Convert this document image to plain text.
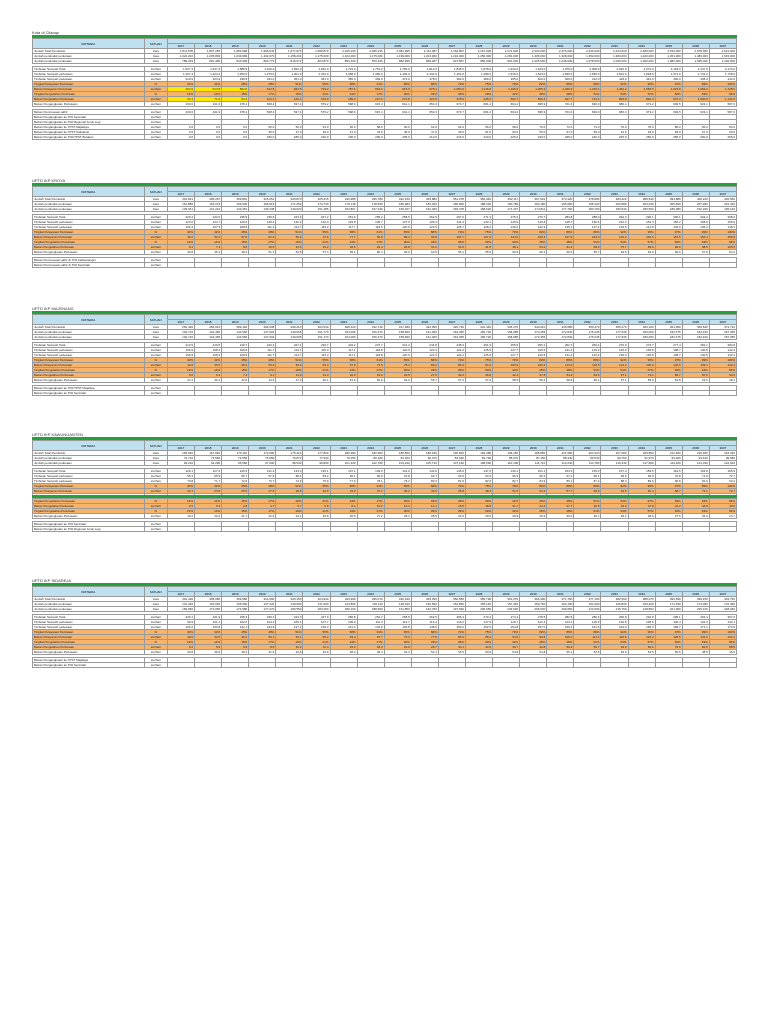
Kota di Cilacap
KRITERIA	SATUAN																					
		2017	2018	2019	2020	2021	2022	2023	2024	2025	2026	2027	2028	2029	2030	2031	2032	2033	2034	2035	2036	2037
Jumlah Total Penduduk	Jiwa	1,811,535	1,837,283	1,893,998	1,965,843	1,977,873	1,999,879	2,015,109	2,045,345	2,081,995	2,112,487	2,169,807	2,212,000	2,272,000	2,330,000	2,376,000	2,430,000	2,444,000	2,489,000	2,533,000	2,578,000	2,621,000
Jumlah penduduk perkotaan	Jiwa	1,022,202	1,035,803	1,049,999	1,162,070	1,158,201	1,175,000	1,162,000	1,175,000	1,199,000	1,213,000	1,232,000	1,256,000	1,281,000	1,305,000	1,328,000	1,352,000	1,384,000	1,420,000	1,451,000	1,483,000	1,515,000
Jumlah penduduk pedesaan	Jiwa	789,333	801,480	843,999	803,773	819,672	824,879	853,109	870,345	882,995	899,487	937,807	956,000	991,000	1,025,000	1,048,000	1,078,000	1,060,000	1,069,000	1,082,000	1,095,000	1,106,000

Timbulan Sampah Total	ton/hari	1,527.3	1,547.3	1,588.9	1,619.0	1,652.0	1,694.0	1,723.0	1,751.0	1,782.0	1,812.0	1,845.0	1,878.0	1,910.0	1,943.0	1,975.0	2,008.0	2,040.0	2,072.0	2,104.0	2,137.0	2,170.0
Timbulan Sampah perkotaan	ton/hari	1,207.4	1,223.4	1,250.0	1,276.0	1,301.0	1,333.0	1,358.0	1,382.0	1,409.0	1,434.0	1,462.0	1,489.0	1,515.0	1,543.0	1,569.0	1,596.0	1,622.0	1,648.0	1,674.0	1,701.0	1,728.0
Timbulan Sampah pedesaan	ton/hari	319.9	323.9	338.9	343.0	351.0	361.0	365.0	369.0	373.0	378.0	383.0	389.0	395.0	400.0	406.0	412.0	418.0	424.0	430.0	436.0	442.0
Tingkat Pelayanan Perkotaan	%	41%	42%	45%	48%	51%	55%	58%	61%	65%	68%	72%	75%	79%	82%	86%	89%	92%	95%	97%	99%	100%
Beban Pelayanan Perkotaan	ton/hari	494.9	513.8	562.5	612.5	663.5	733.2	787.6	843.0	915.9	975.1	1,052.6	1,116.8	1,196.9	1,265.3	1,349.3	1,420.4	1,492.2	1,565.6	1,623.8	1,684.0	1,728.0
Tingkat Pengolahan Perkotaan	%	13%	14%	15%	17%	19%	21%	24%	27%	30%	33%	36%	39%	42%	45%	48%	51%	54%	57%	60%	63%	66%
Beban Pengolahan Perkotaan	ton/hari	64.3	71.9	84.4	104.1	126.1	154.0	189.0	227.6	274.8	321.8	378.9	435.6	502.7	569.4	647.7	724.4	805.8	892.4	974.3	1,060.9	1,141.0
Beban Pengangkutan Perkotaan	ton/hari	430.6	441.9	478.1	508.4	537.4	579.2	598.6	615.4	641.1	653.3	673.7	681.2	694.2	695.9	701.6	696.0	686.4	673.2	649.5	623.1	587.0

Beban Pemrosesan akhir	ton/hari	430.6	441.9	478.1	508.4	537.4	579.2	598.6	615.4	641.1	653.3	673.7	681.2	694.2	695.9	701.6	696.0	686.4	673.2	649.5	623.1	587.0
Beban Pengangkutan ke TPA Sentralal	ton/hari																					
Beban Pengangkutan ke TPA Regional Jeruk Legi	ton/hari																					
Beban Pengangkutan ke TPST Majaliaya	ton/hari	0.0	0.0	0.0	50.0	52.0	54.0	56.0	58.0	60.0	62.0	64.0	66.0	68.0	70.0	72.0	74.0	76.0	78.0	80.0	82.0	84.0
Beban Pengangkutan ke TPST Kalisabuk	ton/hari	0.0	0.0	0.0	35.0	37.0	39.0	41.0	43.0	45.0	47.0	49.0	51.0	53.0	55.0	57.0	59.0	61.0	63.0	65.0	67.0	69.0
Beban Pengangkutan ke TPA/TPST Bulakan	ton/hari	0.0	0.0	0.0	180.0	185.0	190.0	195.0	200.0	205.0	210.0	215.0	220.0	225.0	230.0	235.0	240.0	245.0	250.0	255.0	260.0	265.0
UPTD IKP KROYA
KRITERIA	SATUAN																					
		2017	2018	2019	2020	2021	2022	2023	2024	2025	2026	2027	2028	2029	2030	2031	2032	2033	2034	2035	2036	2037
Jumlah Total Penduduk	Jiwa	301,821	305,297	309,891	315,251	320,870	325,215	330,985	335,789	340,150	345,880	351,278	356,940	362,117	367,991	373,420	378,880	384,220	389,540	394,880	400,220	405,560
Jumlah penduduk perkotaan	Jiwa	161,880	164,073	166,530	168,913	171,250	173,730	176,118	178,550	180,983	183,420	185,900	188,320	190,780	193,180	195,660	198,120	200,580	203,040	205,500	207,960	210,420
Jumlah penduduk pedesaan	Jiwa	139,941	141,224	143,361	146,338	149,620	151,485	154,867	157,239	159,167	162,460	165,378	168,620	171,337	174,811	177,760	180,760	183,640	186,500	189,380	192,260	195,140

Timbulan Sampah Total	ton/hari	229.4	232.0	235.5	239.6	243.9	247.2	251.6	255.2	258.5	262.9	267.0	271.3	275.2	279.7	283.8	288.0	292.0	296.1	300.1	304.2	308.2
Timbulan Sampah perkotaan	ton/hari	123.0	124.7	126.6	128.4	130.2	132.0	133.9	135.7	137.6	139.4	141.3	143.1	145.0	146.8	148.7	150.6	152.4	154.3	156.2	158.0	159.9
Timbulan Sampah pedesaan	ton/hari	106.4	107.3	108.9	111.2	113.7	115.2	117.7	119.5	120.9	123.5	125.7	128.2	130.2	132.9	135.1	137.4	139.6	141.8	143.9	146.2	148.3
Tingkat Pelayanan Perkotaan	%	40%	42%	45%	48%	51%	55%	58%	61%	65%	68%	72%	75%	79%	82%	86%	89%	92%	95%	97%	99%	100%
Beban Pelayanan Perkotaan	ton/hari	49.2	52.4	57.0	61.6	66.4	72.6	77.7	82.8	89.4	94.8	101.7	107.3	114.6	120.4	127.9	134.0	140.2	146.6	151.5	156.4	159.9
Tingkat Pengolahan Perkotaan	%	13%	14%	15%	17%	19%	21%	24%	27%	30%	33%	36%	39%	42%	45%	48%	51%	54%	57%	60%	63%	66%
Beban Pengolahan Perkotaan	ton/hari	6.4	7.3	8.6	10.5	12.6	15.2	18.6	22.4	26.8	31.3	36.6	41.8	48.1	54.2	61.4	68.3	75.7	83.6	90.9	98.5	105.5
Beban Pengangkutan Perkotaan	ton/hari	42.8	45.1	48.4	51.1	53.8	57.4	59.1	60.4	62.6	63.5	65.1	65.5	66.5	66.2	66.5	65.7	64.5	63.0	60.6	57.9	54.4

Beban Pemrosesan akhir di TPA Kaliwanangin	ton/hari																					
Beban Pemrosesan akhir di TPA Sentralal	ton/hari																					
UPTD IKP MAJENANG
KRITERIA	SATUAN																					
		2017	2018	2019	2020	2021	2022	2023	2024	2025	2026	2027	2028	2029	2030	2031	2032	2033	2034	2035	2036	2037
Jumlah Total Penduduk	Jiwa	281,420	284,931	289,120	294,008	299,210	303,540	308,120	312,740	317,380	322,050	326,730	331,440	336,170	340,910	345,680	350,470	355,270	360,100	364,950	369,820	374,710
Jumlah penduduk perkotaan	Jiwa	140,710	142,466	144,560	147,004	149,605	151,770	154,060	156,370	158,690	161,025	163,365	165,720	168,085	170,455	172,840	175,235	177,635	180,050	182,475	184,910	187,355
Jumlah penduduk pedesaan	Jiwa	140,710	142,465	144,560	147,004	149,605	151,770	154,060	156,370	158,690	161,025	163,365	165,720	168,085	170,455	172,840	175,235	177,635	180,050	182,475	184,910	187,355

Timbulan Sampah Total	ton/hari	213.9	216.5	219.7	223.4	227.4	230.7	234.2	237.7	241.2	244.8	248.3	251.9	255.5	259.1	262.7	266.4	270.0	273.7	277.4	281.1	284.8
Timbulan Sampah perkotaan	ton/hari	106.9	108.3	109.9	111.7	113.7	115.3	117.1	118.8	120.6	122.4	124.2	125.9	127.7	129.5	131.4	133.2	135.0	136.8	138.7	140.5	142.4
Timbulan Sampah pedesaan	ton/hari	106.9	108.3	109.9	111.7	113.7	115.3	117.1	118.8	120.6	122.4	124.2	125.9	127.7	129.5	131.4	133.2	135.0	136.8	138.7	140.5	142.4
Tingkat Pelayanan Perkotaan	%	40%	42%	45%	48%	51%	55%	58%	61%	65%	68%	72%	75%	79%	82%	86%	89%	92%	95%	97%	99%	100%
Beban Pelayanan Perkotaan	ton/hari	42.8	45.5	49.4	53.6	58.0	63.4	67.9	72.5	78.4	83.2	89.4	94.4	100.9	106.2	113.0	118.5	124.2	130.0	134.5	139.1	142.4
Tingkat Pengolahan Perkotaan	%	13%	14%	15%	17%	19%	21%	24%	27%	30%	33%	36%	39%	42%	45%	48%	51%	54%	57%	60%	63%	66%
Beban Pengolahan Perkotaan	ton/hari	5.6	6.4	7.4	9.1	11.0	13.3	16.3	19.6	23.5	27.5	32.2	36.8	42.4	47.8	54.2	60.4	67.1	74.1	80.7	87.6	94.0
Beban Pengangkutan Perkotaan	ton/hari	37.2	39.1	42.0	44.5	47.0	50.1	51.6	52.9	54.9	55.7	57.2	57.6	58.5	58.4	58.8	58.1	57.1	55.9	53.8	51.5	48.4

Beban Pengangkutan ke TPA/TPST Majalaya	ton/hari																					
Beban Pengangkutan ke TPA Sentralal	ton/hari																					
UPTD IKP KAWUNGANTEN
KRITERIA	SATUAN																					
		2017	2018	2019	2020	2021	2022	2023	2024	2025	2026	2027	2028	2029	2030	2031	2032	2033	2034	2035	2036	2037
Jumlah Total Penduduk	Jiwa	165,920	167,840	170,110	172,680	175,410	177,820	180,380	182,960	185,560	188,180	190,820	193,480	196,160	198,860	201,580	204,320	207,080	209,860	212,660	215,480	218,320
Jumlah penduduk perkotaan	Jiwa	72,710	73,550	74,550	75,680	76,870	77,930	79,050	80,180	81,320	82,470	83,630	84,790	85,970	87,150	88,340	89,540	90,750	91,970	93,200	94,440	95,680
Jumlah penduduk pedesaan	Jiwa	93,210	94,290	95,560	97,000	98,540	99,890	101,330	102,780	104,240	105,710	107,190	108,690	110,190	111,710	113,240	114,780	116,330	117,890	119,460	121,040	122,640

Timbulan Sampah Total	ton/hari	126.1	127.6	129.3	131.2	133.3	135.1	137.1	139.0	141.0	143.0	145.0	147.0	149.1	151.1	153.2	155.3	157.4	159.5	161.6	163.8	165.9
Timbulan Sampah perkotaan	ton/hari	55.3	55.9	56.7	57.5	58.4	59.2	60.1	60.9	61.8	62.7	63.6	64.4	65.3	66.2	67.1	68.1	69.0	69.9	70.8	71.8	72.7
Timbulan Sampah pedesaan	ton/hari	70.8	71.7	72.6	73.7	74.9	75.9	77.0	78.1	79.2	80.3	81.5	82.6	83.7	84.9	86.1	87.2	88.4	89.6	90.8	92.0	93.2
Tingkat Pelayanan Perkotaan	%	40%	42%	45%	48%	51%	55%	58%	61%	65%	68%	72%	75%	79%	82%	86%	89%	92%	95%	97%	99%	100%
Beban Pelayanan Perkotaan	ton/hari	22.1	23.5	25.5	27.6	29.8	32.6	34.9	37.2	40.2	42.6	45.8	48.3	51.6	54.3	57.7	60.6	63.5	66.4	68.7	71.1	72.7

Tingkat Pengolahan Perkotaan	%	13%	14%	15%	17%	19%	21%	24%	27%	30%	33%	36%	39%	42%	45%	48%	51%	54%	57%	60%	63%	66%
Beban Pengolahan Perkotaan	ton/hari	2.9	3.3	3.8	4.7	5.7	6.8	8.4	10.0	12.1	14.1	16.5	18.8	21.7	24.4	27.7	30.9	34.3	37.8	41.2	44.8	48.0
Tingkat Pengolahan Perkotaan	%	13%	14%	15%	17%	19%	21%	24%	27%	30%	33%	36%	39%	42%	45%	48%	51%	54%	57%	60%	63%	66%
Beban Pengangkutan Perkotaan	ton/hari	19.2	20.2	21.7	22.9	24.1	25.8	26.5	27.2	28.1	28.5	29.3	29.5	29.9	29.9	30.0	29.7	29.2	28.6	27.5	26.3	24.7

Beban Pengangkutan ke TPA Sentralal	ton/hari																					
Beban Pengangkutan ke TPA Regional Jeruk Legi	ton/hari																					
UPTD IKP SIDAREJA
KRITERIA	SATUAN																					
		2017	2018	2019	2020	2021	2022	2023	2024	2025	2026	2027	2028	2029	2030	2031	2032	2033	2034	2035	2036	2037
Jumlah Total Penduduk	Jiwa	301,430	305,080	309,580	314,690	320,150	324,940	329,990	335,070	340,190	345,350	350,550	355,790	361,070	366,390	371,750	377,150	382,590	388,070	393,590	399,150	404,750
Jumlah penduduk perkotaan	Jiwa	131,440	133,030	135,000	137,220	139,600	141,690	143,890	146,110	148,340	150,590	152,860	155,140	157,440	159,760	162,100	164,460	166,830	169,220	171,630	174,050	176,490
Jumlah penduduk pedesaan	Jiwa	169,990	172,050	174,580	177,470	180,550	183,250	186,100	188,960	191,850	194,760	197,690	200,650	203,630	206,630	209,650	212,690	215,760	218,850	221,960	225,100	228,260

Timbulan Sampah Total	ton/hari	229.1	231.9	235.3	239.2	243.3	247.0	250.8	254.7	258.5	262.5	266.4	270.4	274.4	278.5	282.5	286.6	290.8	294.9	299.1	303.4	307.6
Timbulan Sampah perkotaan	ton/hari	99.9	101.1	102.6	104.3	106.1	107.7	109.4	111.0	112.7	114.4	116.2	117.9	119.7	121.4	123.2	125.0	126.8	128.6	130.4	132.3	134.1
Timbulan Sampah pedesaan	ton/hari	129.2	130.8	132.7	134.9	137.2	139.3	141.4	143.6	145.8	148.0	150.2	152.5	154.8	157.0	159.3	161.6	164.0	166.3	168.7	171.1	173.5
Tingkat Pelayanan Perkotaan	%	40%	42%	45%	48%	51%	55%	58%	61%	65%	68%	72%	75%	79%	82%	86%	89%	92%	95%	97%	99%	100%
Beban Pelayanan Perkotaan	ton/hari	40.0	42.5	46.2	50.1	54.1	59.2	63.4	67.7	73.3	77.8	83.6	88.4	94.5	99.6	106.0	111.2	116.6	122.2	126.5	131.0	134.1
Tingkat Pengolahan Perkotaan	%	13%	14%	15%	17%	19%	21%	24%	27%	30%	33%	36%	39%	42%	45%	48%	51%	54%	57%	60%	63%	66%
Beban Pengolahan Perkotaan	ton/hari	5.2	5.9	6.9	8.5	10.3	12.4	15.2	18.3	22.0	25.7	30.1	34.5	39.7	44.8	50.9	56.7	63.0	69.6	75.9	82.5	88.5
Beban Pengangkutan Perkotaan	ton/hari	34.8	36.6	39.3	41.6	43.8	46.8	48.2	49.4	51.3	52.1	53.5	53.9	54.8	54.8	55.1	54.5	53.6	52.6	50.6	48.5	45.6

Beban Pengangkutan ke TPST Majalaya	ton/hari																					
Beban Pengangkutan ke TPA Sentralal	ton/hari																					
